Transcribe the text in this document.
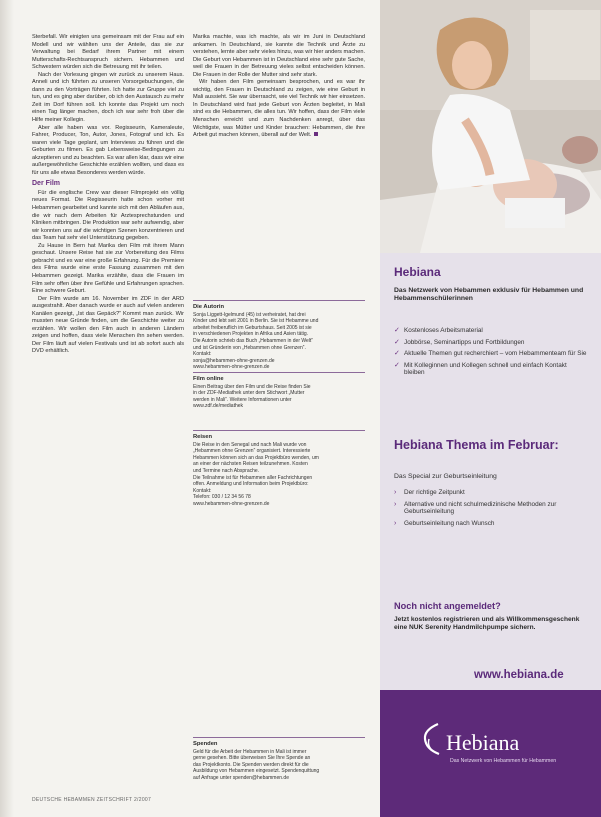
Sterbefall. Wir einigten uns gemeinsam mit der Frau auf ein Modell und wir wählten uns der Anteile, das sie zur Verwaltung bei Bedarf ihrem Partner mit einem Mutterschafts-Rechtsanspruch sichern. Hebammen und Schwestern würden sich die Betreuung mit ihr teilen.

Nach der Vorlesung gingen wir zurück zu unserem Haus. Anneli und ich führten zu unseren Vorsorgebuchungen, die dann zu den Vorträgen führten. Ich hatte zur Gruppe viel zu tun, und es ging aber darüber, ob ich den Austausch zu mehr Zeit im Dorf führen soll. Ich konnte das Projekt um noch einen Tag länger machen, doch ich war sehr froh über die Hilfe meiner Kollegin.

Aber alle haben was vor. Regisseurin, Kameraleute, Fahrer, Producer, Ton, Autor, Jones, Fotograf und ich. Es waren viele Tage geplant, um Interviews zu führen und die Geburten zu filmen. Es gab Lebensweise-Bedingungen zu akzeptieren und zu beachten. Es war allen klar, dass wir eine außergewöhnliche Geschichte erzählen wollten, und dass es für uns alle etwas Besonderes werden würde.

Der Film

Für die englische Crew war dieser Filmprojekt ein völlig neues Format. Die Regisseurin hatte schon vorher mit Hebammen gearbeitet und kannte sich mit den Abläufen aus, die wir nach dem Arbeiten für Arztesprechstunden und Kliniken mitbringen. Die Produktion war sehr aufwendig, aber wir konnten uns auf die wichtigen Szenen konzentrieren und das Team hat sehr viel Unterstützung gegeben.

Zu Hause in Bern hat Marika den Film mit ihrem Mann geschaut. Unsere Reise hat sie zur Vorbereitung des Films gebracht und es war eine große Erfahrung. Für die Premiere des Films wurde eine erste Fassung zusammen mit den Hebammen gezeigt. Marika erzählte, dass die Frauen im Film sehr offen über ihre Gefühle und Erfahrungen sprachen. Eine schwere Geburt.

Der Film wurde am 16. November im ZDF in der ARD ausgestrahlt. Aber danach wurde er auch auf vielen anderen Kanälen gezeigt, „Ist das Gepäck?“ Kommt man zurück. Wir mussten neue Gründe finden, um die Geschichte weiter zu erzählen. Wir wollen den Film auch in anderen Ländern zeigen und hoffen, dass viele Menschen ihn sehen werden. Der Film läuft auf vielen Festivals und ist ab sofort auch als DVD erhältlich.

Marika machte, was ich machte, als wir im Juni in Deutschland ankamen. In Deutschland, sie kannte die Technik und Ärzte zu verstehen, lernte aber sehr vieles hinzu, was wir hier anders machen. Die Geburt von Hebammen ist in Deutschland eine sehr gute Sache, weil die Frauen in der Betreuung vieles selbst entscheiden können. Die Frauen in der Rolle der Mutter sind sehr stark.

Wir haben den Film gemeinsam besprochen, und es war ihr wichtig, den Frauen in Deutschland zu zeigen, wie eine Geburt in Mali aussieht. Sie war überrascht, wie viel Technik wir hier einsetzen. In Deutschland wird fast jede Geburt von Ärzten begleitet, in Mali sind es die Hebammen, die alles tun. Wir hoffen, dass der Film viele Menschen erreicht und zum Nachdenken anregt, über das Wichtigste, was Mütter und Kinder brauchen: Hebammen, die ihre Arbeit gut machen können, überall auf der Welt.

Die Autorin
Sonja Liggett-Igelmund (45) ist verheiratet, hat drei
Kinder und lebt seit 2001 in Berlin. Sie ist Hebamme und
arbeitet freiberuflich im Geburtshaus. Seit 2005 ist sie
in verschiedenen Projekten in Afrika und Asien tätig.
Die Autorin schrieb das Buch „Hebammen in der Welt“
und ist Gründerin von „Hebammen ohne Grenzen“.
Kontakt:
sonja@hebammen-ohne-grenzen.de
www.hebammen-ohne-grenzen.de
Film online
Einen Beitrag über den Film und die Reise finden Sie
in der ZDF-Mediathek unter dem Stichwort „Mutter
werden in Mali“. Weitere Informationen unter
www.zdf.de/mediathek
Reisen
Die Reise in den Senegal und nach Mali wurde von
„Hebammen ohne Grenzen“ organisiert. Interessierte
Hebammen können sich an das Projektbüro wenden, um
an einer der nächsten Reisen teilzunehmen. Kosten
und Termine nach Absprache.
Die Teilnahme ist für Hebammen aller Fachrichtungen
offen. Anmeldung und Information beim Projektbüro:
Kontakt:
Telefon: 030 / 12 34 56 78
www.hebammen-ohne-grenzen.de
Spenden
Geld für die Arbeit der Hebammen in Mali ist immer
gerne gesehen. Bitte überweisen Sie Ihre Spende an
das Projektkonto. Die Spenden werden direkt für die
Ausbildung von Hebammen eingesetzt. Spendenquittung
auf Anfrage unter spenden@hebammen.de
DEUTSCHE HEBAMMEN ZEITSCHRIFT 2/2007
Hebiana
Das Netzwerk von Hebammen exklusiv für Hebammen und Hebammenschülerinnen
✓ Kostenloses Arbeitsmaterial
✓ Jobbörse, Seminartipps und Fortbildungen
✓ Aktuelle Themen gut recherchiert – vom Hebammenteam für Sie
✓ Mit Kolleginnen und Kollegen schnell und einfach Kontakt bleiben
Hebiana Thema im Februar:
Das Special zur Geburtseinleitung
›	Der richtige Zeitpunkt
›	Alternative und nicht schulmedizinische Methoden zur Geburtseinleitung
›	Geburtseinleitung nach Wunsch
Noch nicht angemeldet?
Jetzt kostenlos registrieren und als Willkommensgeschenk eine NUK Serenity Handmilchpumpe sichern.
www.hebiana.de
Hebiana
Das Netzwerk von Hebammen für Hebammen
